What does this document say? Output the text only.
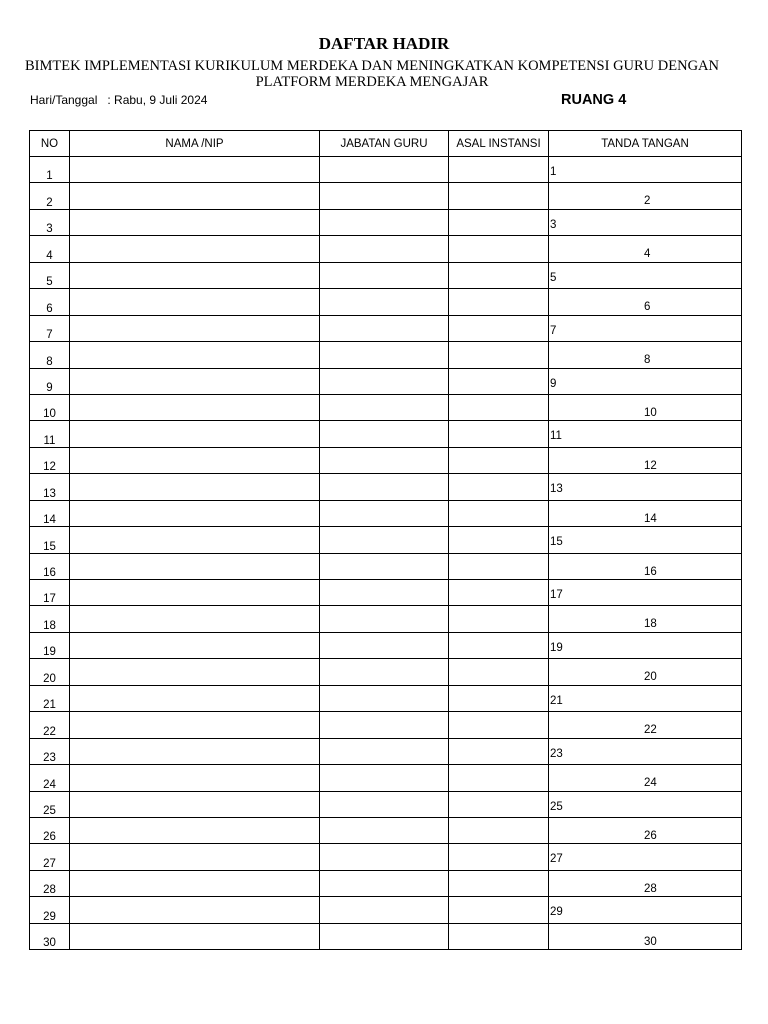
DAFTAR HADIR
BIMTEK IMPLEMENTASI KURIKULUM MERDEKA DAN MENINGKATKAN KOMPETENSI GURU DENGAN PLATFORM MERDEKA MENGAJAR
Hari/Tanggal   : Rabu, 9 Juli 2024	RUANG 4
NO	NAMA /NIP	JABATAN GURU	ASAL INSTANSI	TANDA TANGAN
1				1

2				2

3				3

4				4

5				5

6				6

7				7

8				8

9				9

10				10

11				11

12				12

13				13

14				14

15				15

16				16

17				17

18				18

19				19

20				20

21				21

22				22

23				23

24				24

25				25

26				26

27				27

28				28

29				29

30				30
